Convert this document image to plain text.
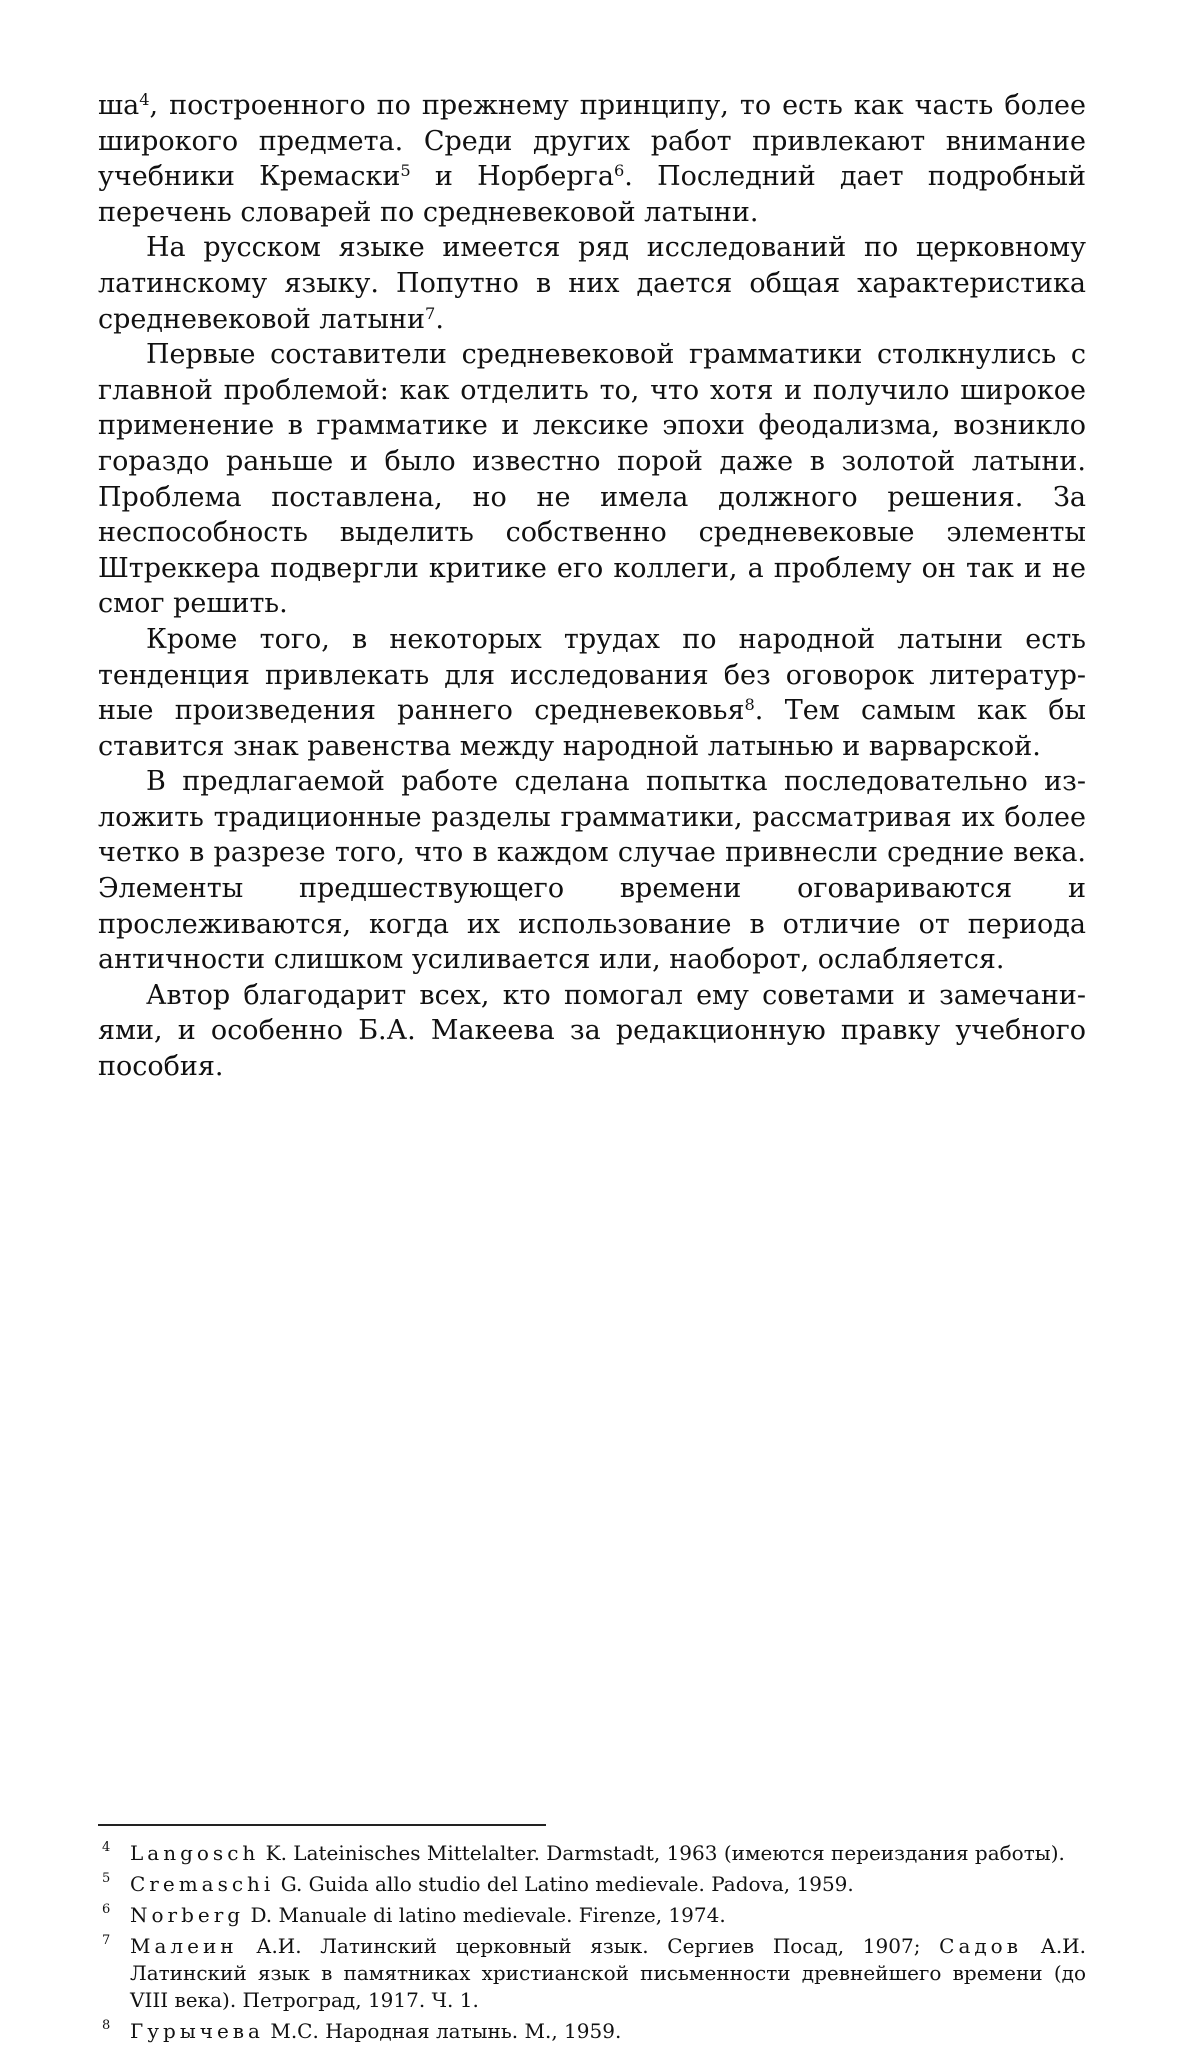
$ша^4$, построенного по прежнему принципу, то есть как часть более широкого предмета. Среди других работ привлекают внимание учебники Кремаски$^5$ и Норберга$^6$. Последний дает подробный перечень словарей по средневековой латыни.

На русском языке имеется ряд исследований по церковному латинскому языку. Попутно в них дается общая характеристика средневековой латыни$^7$.

Первые составители средневековой грамматики столкнулись с главной проблемой: как отделить то, что хотя и получило широкое применение в грамматике и лексике эпохи феодализма, возникло гораздо раньше и было известно порой даже в золотой латыни. Проблема поставлена, но не имела должного решения. За неспособность выделить собственно средневековые элементы Штреккера подвергли критике его коллеги, а проблему он так и не смог решить.

Кроме того, в некоторых трудах по народной латыни есть тенденция привлекать для исследования без оговорок литературные произведения раннего средневековья$^8$. Тем самым как бы ставится знак равенства между народной латынью и варварской.

В предлагаемой работе сделана попытка последовательно изложить традиционные разделы грамматики, рассматривая их более четко в разрезе того, что в каждом случае привнесли средние века. Элементы предшествующего времени оговариваются и прослеживаются, когда их использование в отличие от периода античности слишком усиливается или, наоборот, ослабляется.

Автор благодарит всех, кто помогал ему советами и замечаниями, и особенно Б.А. Макеева за редакционную правку учебного пособия.

4 Langosch K. Lateinisches Mittelalter. Darmstadt, 1963 (имеются переиздания работы).
5 Cremaschi G. Guida allo studio del Latino medievale. Padova, 1959.
6 Norberg D. Manuale di latino medievale. Firenze, 1974.
7 Малеин А.И. Латинский церковный язык. Сергиев Посад, 1907; Садов А.И. Латинский язык в памятниках христианской письменности древнейшего времени (до VIII века). Петроград, 1917. Ч. 1.
8 Гурычева М.С. Народная латынь. М., 1959.
